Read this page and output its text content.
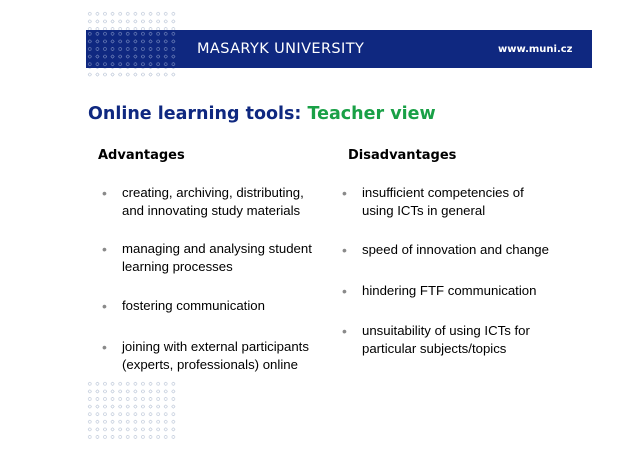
MASARYK UNIVERSITY	www.muni.cz
Online learning tools: Teacher view
Advantages	Disadvantages
• creating, archiving, distributing,
and innovating study materials
• managing and analysing student
learning processes
• fostering communication
• joining with external participants
(experts, professionals) online
• insufficient competencies of
using ICTs in general
• speed of innovation and change
• hindering FTF communication
• unsuitability of using ICTs for
particular subjects/topics
